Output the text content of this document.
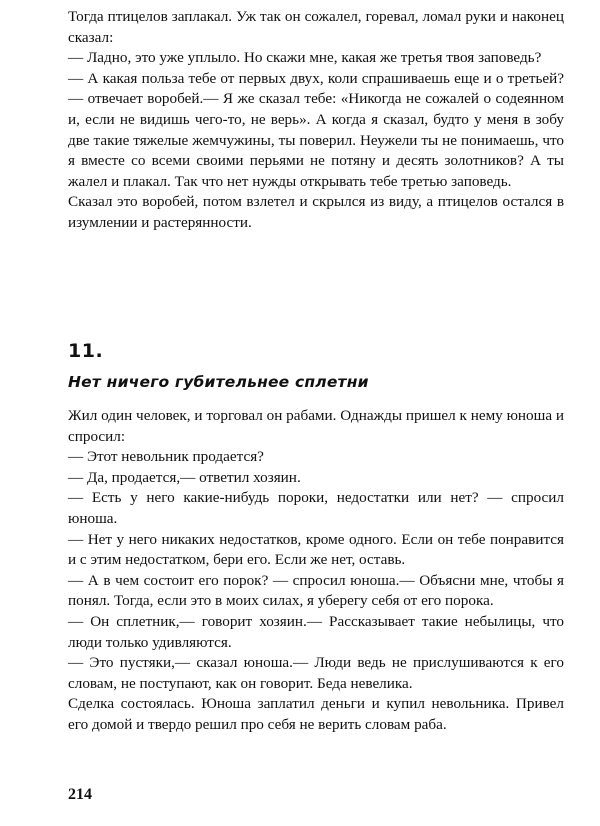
Тогда птицелов заплакал. Уж так он сожалел, горевал, ломал руки и наконец сказал:

— Ладно, это уже уплыло. Но скажи мне, какая же третья твоя заповедь?

— А какая польза тебе от первых двух, коли спрашиваешь еще и о третьей? — отвечает воробей.— Я же сказал тебе: «Никогда не сожалей о содеянном и, если не видишь чего-то, не верь». А когда я сказал, будто у меня в зобу две такие тяжелые жемчужины, ты поверил. Неужели ты не понимаешь, что я вместе со всеми своими перьями не потяну и десять золотников? А ты жалел и плакал. Так что нет нужды открывать тебе третью заповедь.

Сказал это воробей, потом взлетел и скрылся из виду, а птицелов остался в изумлении и растерянности.

11.
Нет ничего губительнее сплетни

Жил один человек, и торговал он рабами. Однажды пришел к нему юноша и спросил:

— Этот невольник продается?

— Да, продается,— ответил хозяин.

— Есть у него какие-нибудь пороки, недостатки или нет? — спросил юноша.

— Нет у него никаких недостатков, кроме одного. Если он тебе понравится и с этим недостатком, бери его. Если же нет, оставь.

— А в чем состоит его порок? — спросил юноша.— Объясни мне, чтобы я понял. Тогда, если это в моих силах, я уберегу себя от его порока.

— Он сплетник,— говорит хозяин.— Рассказывает такие небылицы, что люди только удивляются.

— Это пустяки,— сказал юноша.— Люди ведь не прислушиваются к его словам, не поступают, как он говорит. Беда невелика.

Сделка состоялась. Юноша заплатил деньги и купил невольника. Привел его домой и твердо решил про себя не верить словам раба.

214
